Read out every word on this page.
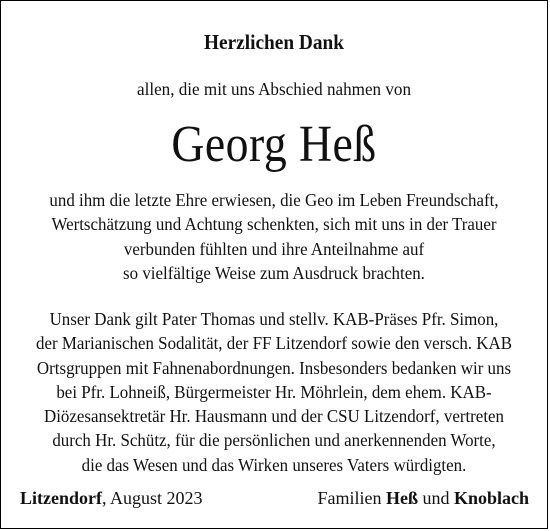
Herzlichen Dank
allen, die mit uns Abschied nahmen von
Georg Heß
und ihm die letzte Ehre erwiesen, die Geo im Leben Freundschaft,
Wertschätzung und Achtung schenkten, sich mit uns in der Trauer
verbunden fühlten und ihre Anteilnahme auf
so vielfältige Weise zum Ausdruck brachten.
Unser Dank gilt Pater Thomas und stellv. KAB-Präses Pfr. Simon,
der Marianischen Sodalität, der FF Litzendorf sowie den versch. KAB
Ortsgruppen mit Fahnenabordnungen. Insbesonders bedanken wir uns
bei Pfr. Lohneiß, Bürgermeister Hr. Möhrlein, dem ehem. KAB-
Diözesansektretär Hr. Hausmann und der CSU Litzendorf, vertreten
durch Hr. Schütz, für die persönlichen und anerkennenden Worte,
die das Wesen und das Wirken unseres Vaters würdigten.
Litzendorf, August 2023	Familien Heß und Knoblach
